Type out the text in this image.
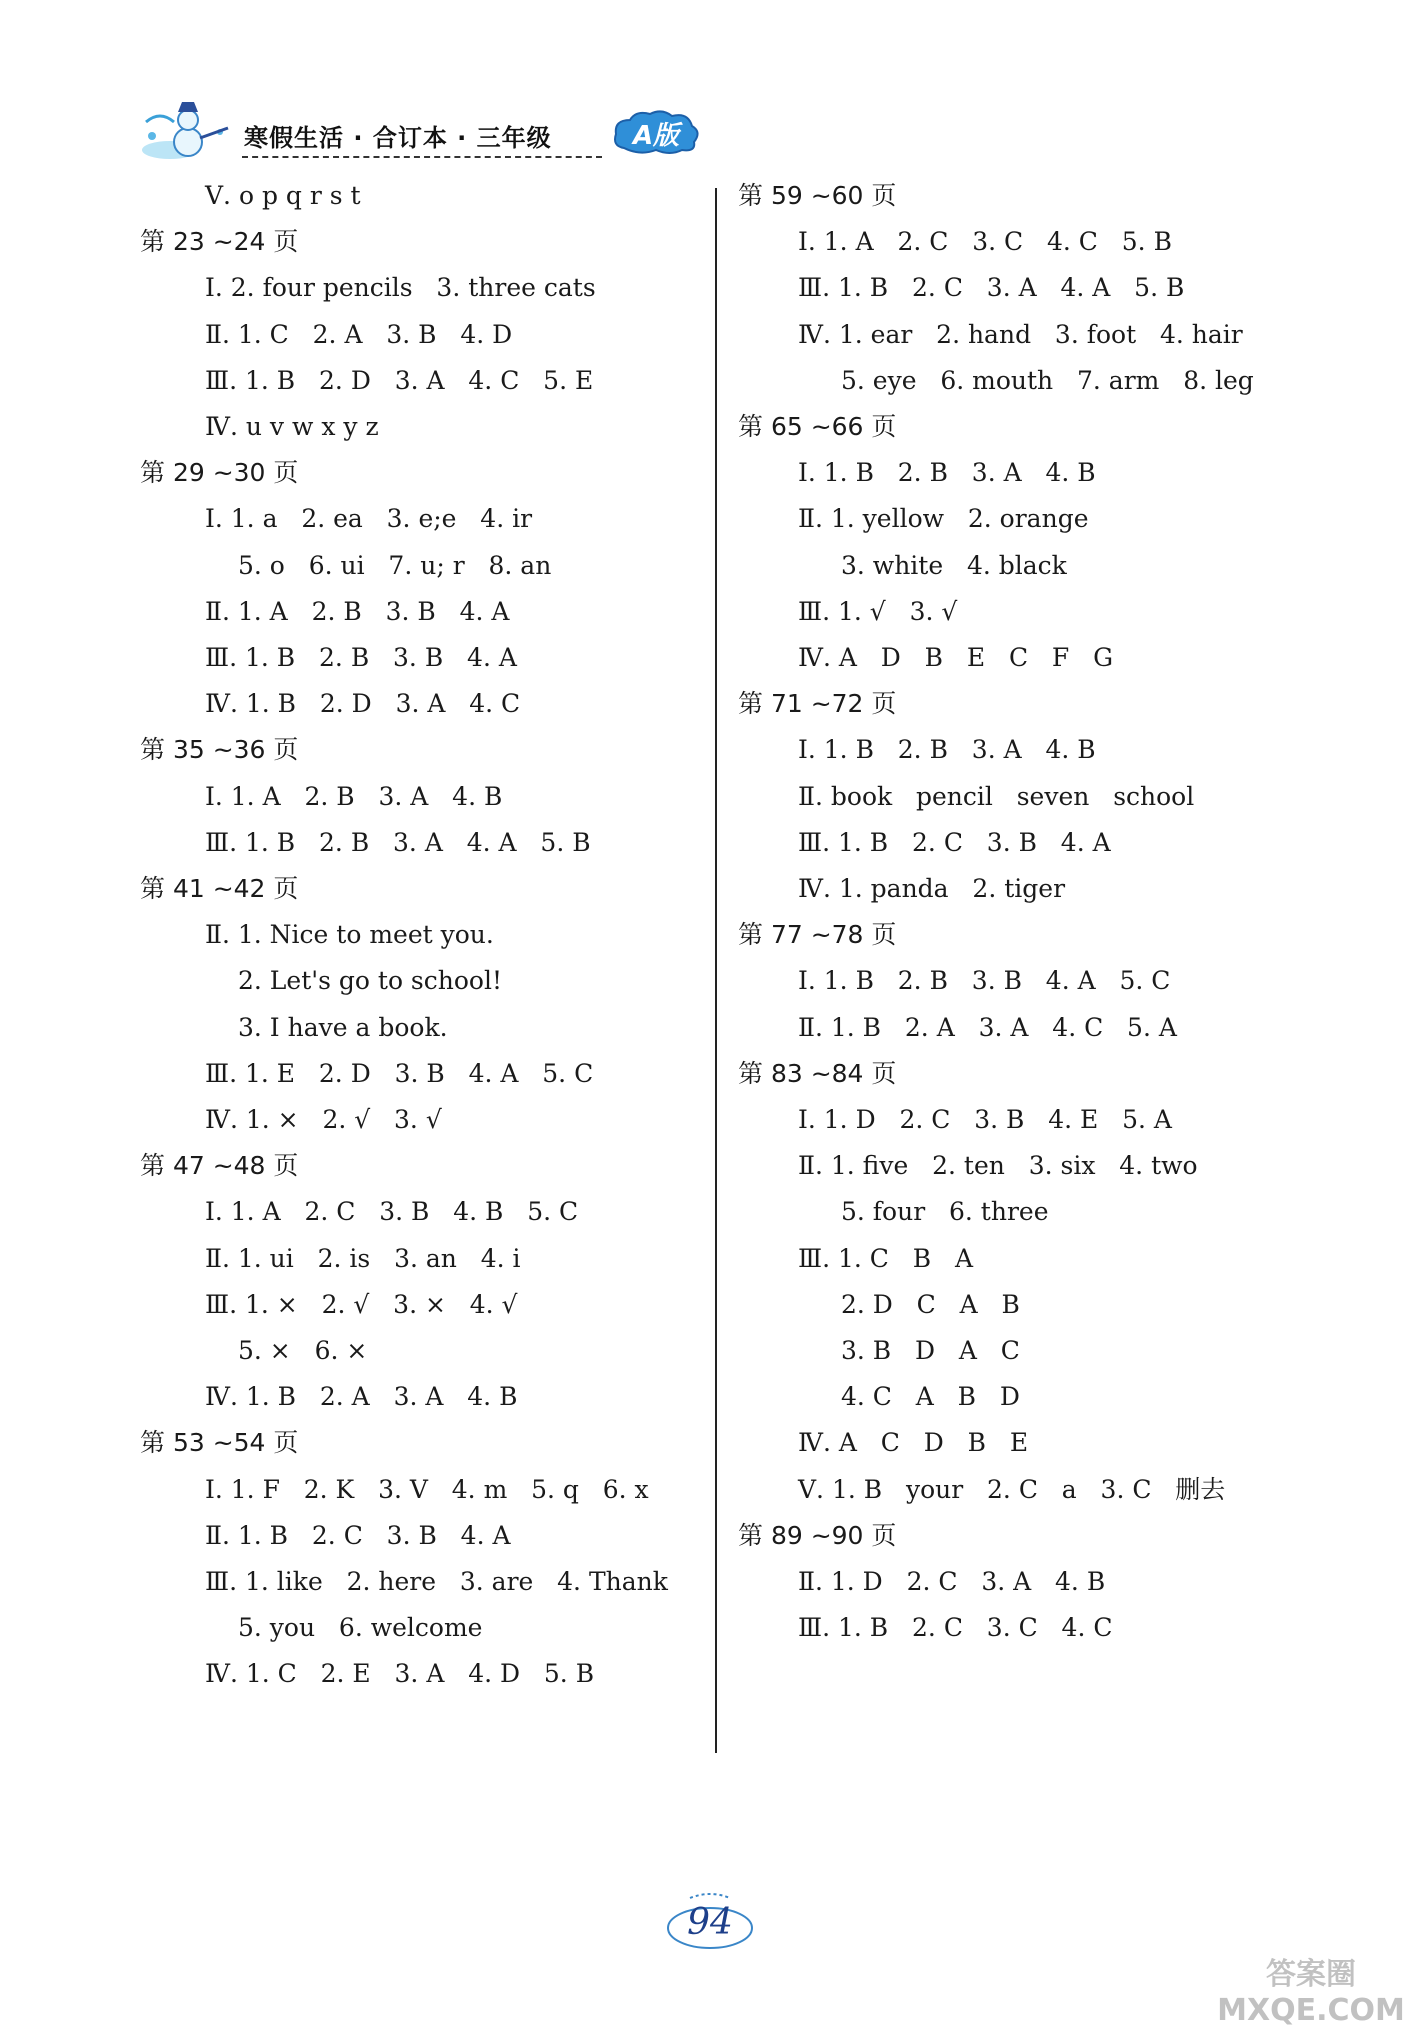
寒假生活 · 合订本 · 三年级	A版
Ⅴ. o p q r s t
第 23 ~24 页
Ⅰ. 2. four pencils   3. three cats
Ⅱ. 1. C   2. A   3. B   4. D
Ⅲ. 1. B   2. D   3. A   4. C   5. E
Ⅳ. u v w x y z
第 29 ~30 页
Ⅰ. 1. a   2. ea   3. e;e   4. ir
5. o   6. ui   7. u; r   8. an
Ⅱ. 1. A   2. B   3. B   4. A
Ⅲ. 1. B   2. B   3. B   4. A
Ⅳ. 1. B   2. D   3. A   4. C
第 35 ~36 页
Ⅰ. 1. A   2. B   3. A   4. B
Ⅲ. 1. B   2. B   3. A   4. A   5. B
第 41 ~42 页
Ⅱ. 1. Nice to meet you.
2. Let's go to school!
3. I have a book.
Ⅲ. 1. E   2. D   3. B   4. A   5. C
Ⅳ. 1. ×   2. √   3. √
第 47 ~48 页
Ⅰ. 1. A   2. C   3. B   4. B   5. C
Ⅱ. 1. ui   2. is   3. an   4. i
Ⅲ. 1. ×   2. √   3. ×   4. √
5. ×   6. ×
Ⅳ. 1. B   2. A   3. A   4. B
第 53 ~54 页
Ⅰ. 1. F   2. K   3. V   4. m   5. q   6. x
Ⅱ. 1. B   2. C   3. B   4. A
Ⅲ. 1. like   2. here   3. are   4. Thank
5. you   6. welcome
Ⅳ. 1. C   2. E   3. A   4. D   5. B
第 59 ~60 页
Ⅰ. 1. A   2. C   3. C   4. C   5. B
Ⅲ. 1. B   2. C   3. A   4. A   5. B
Ⅳ. 1. ear   2. hand   3. foot   4. hair
5. eye   6. mouth   7. arm   8. leg
第 65 ~66 页
Ⅰ. 1. B   2. B   3. A   4. B
Ⅱ. 1. yellow   2. orange
3. white   4. black
Ⅲ. 1. √   3. √
Ⅳ. A   D   B   E   C   F   G
第 71 ~72 页
Ⅰ. 1. B   2. B   3. A   4. B
Ⅱ. book   pencil   seven   school
Ⅲ. 1. B   2. C   3. B   4. A
Ⅳ. 1. panda   2. tiger
第 77 ~78 页
Ⅰ. 1. B   2. B   3. B   4. A   5. C
Ⅱ. 1. B   2. A   3. A   4. C   5. A
第 83 ~84 页
Ⅰ. 1. D   2. C   3. B   4. E   5. A
Ⅱ. 1. five   2. ten   3. six   4. two
5. four   6. three
Ⅲ. 1. C   B   A
2. D   C   A   B
3. B   D   A   C
4. C   A   B   D
Ⅳ. A   C   D   B   E
Ⅴ. 1. B   your   2. C   a   3. C   删去
第 89 ~90 页
Ⅱ. 1. D   2. C   3. A   4. B
Ⅲ. 1. B   2. C   3. C   4. C
94
答案圈 MXQE.COM
